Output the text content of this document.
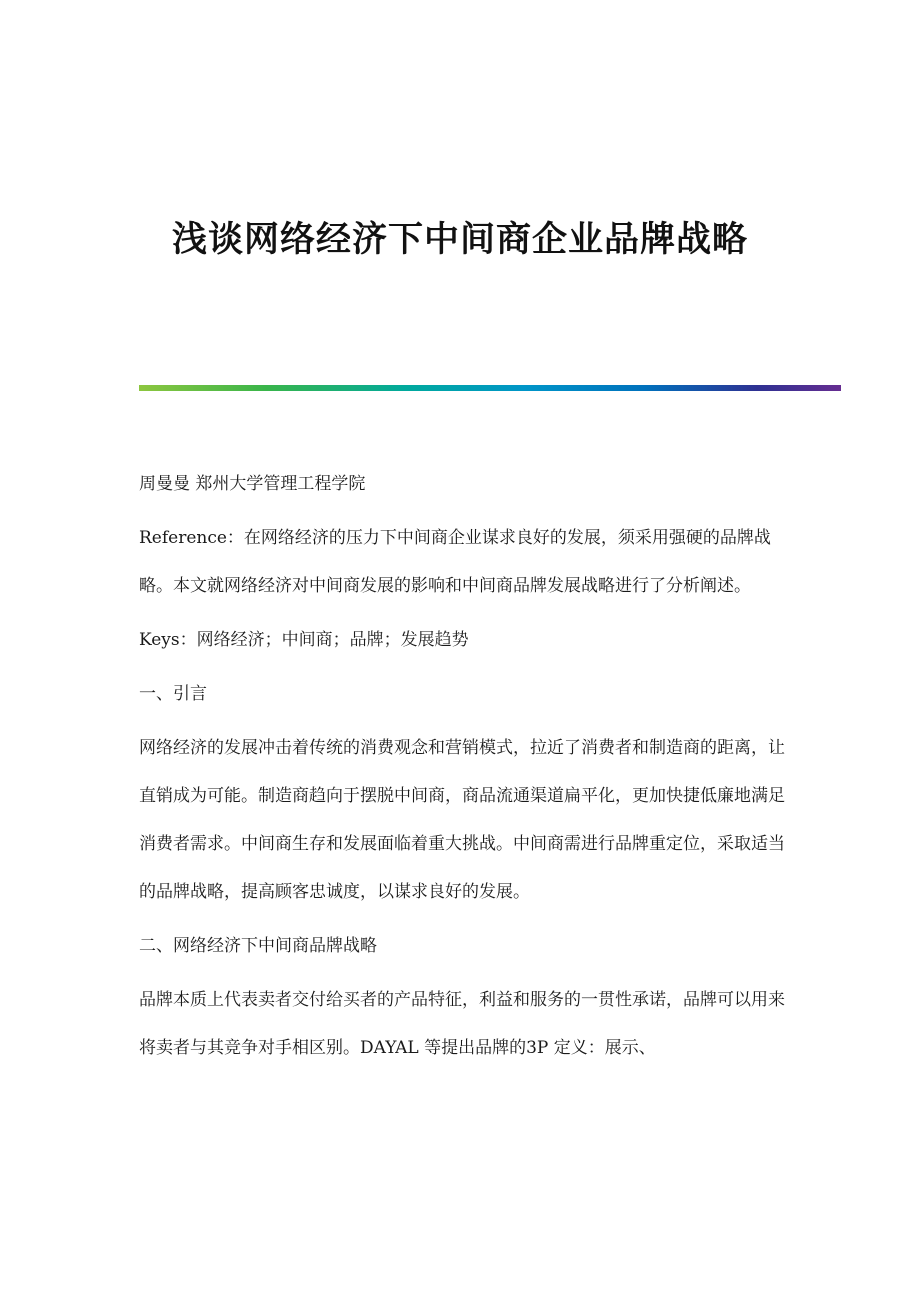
浅谈网络经济下中间商企业品牌战略

周曼曼 郑州大学管理工程学院

Reference：在网络经济的压力下中间商企业谋求良好的发展，须采用强硬的品牌战略。本文就网络经济对中间商发展的影响和中间商品牌发展战略进行了分析阐述。

Keys：网络经济；中间商；品牌；发展趋势

一、引言

网络经济的发展冲击着传统的消费观念和营销模式，拉近了消费者和制造商的距离，让直销成为可能。制造商趋向于摆脱中间商，商品流通渠道扁平化，更加快捷低廉地满足消费者需求。中间商生存和发展面临着重大挑战。中间商需进行品牌重定位，采取适当的品牌战略，提高顾客忠诚度，以谋求良好的发展。

二、网络经济下中间商品牌战略

品牌本质上代表卖者交付给买者的产品特征，利益和服务的一贯性承诺，品牌可以用来将卖者与其竞争对手相区别。DAYAL 等提出品牌的3P 定义：展示、
